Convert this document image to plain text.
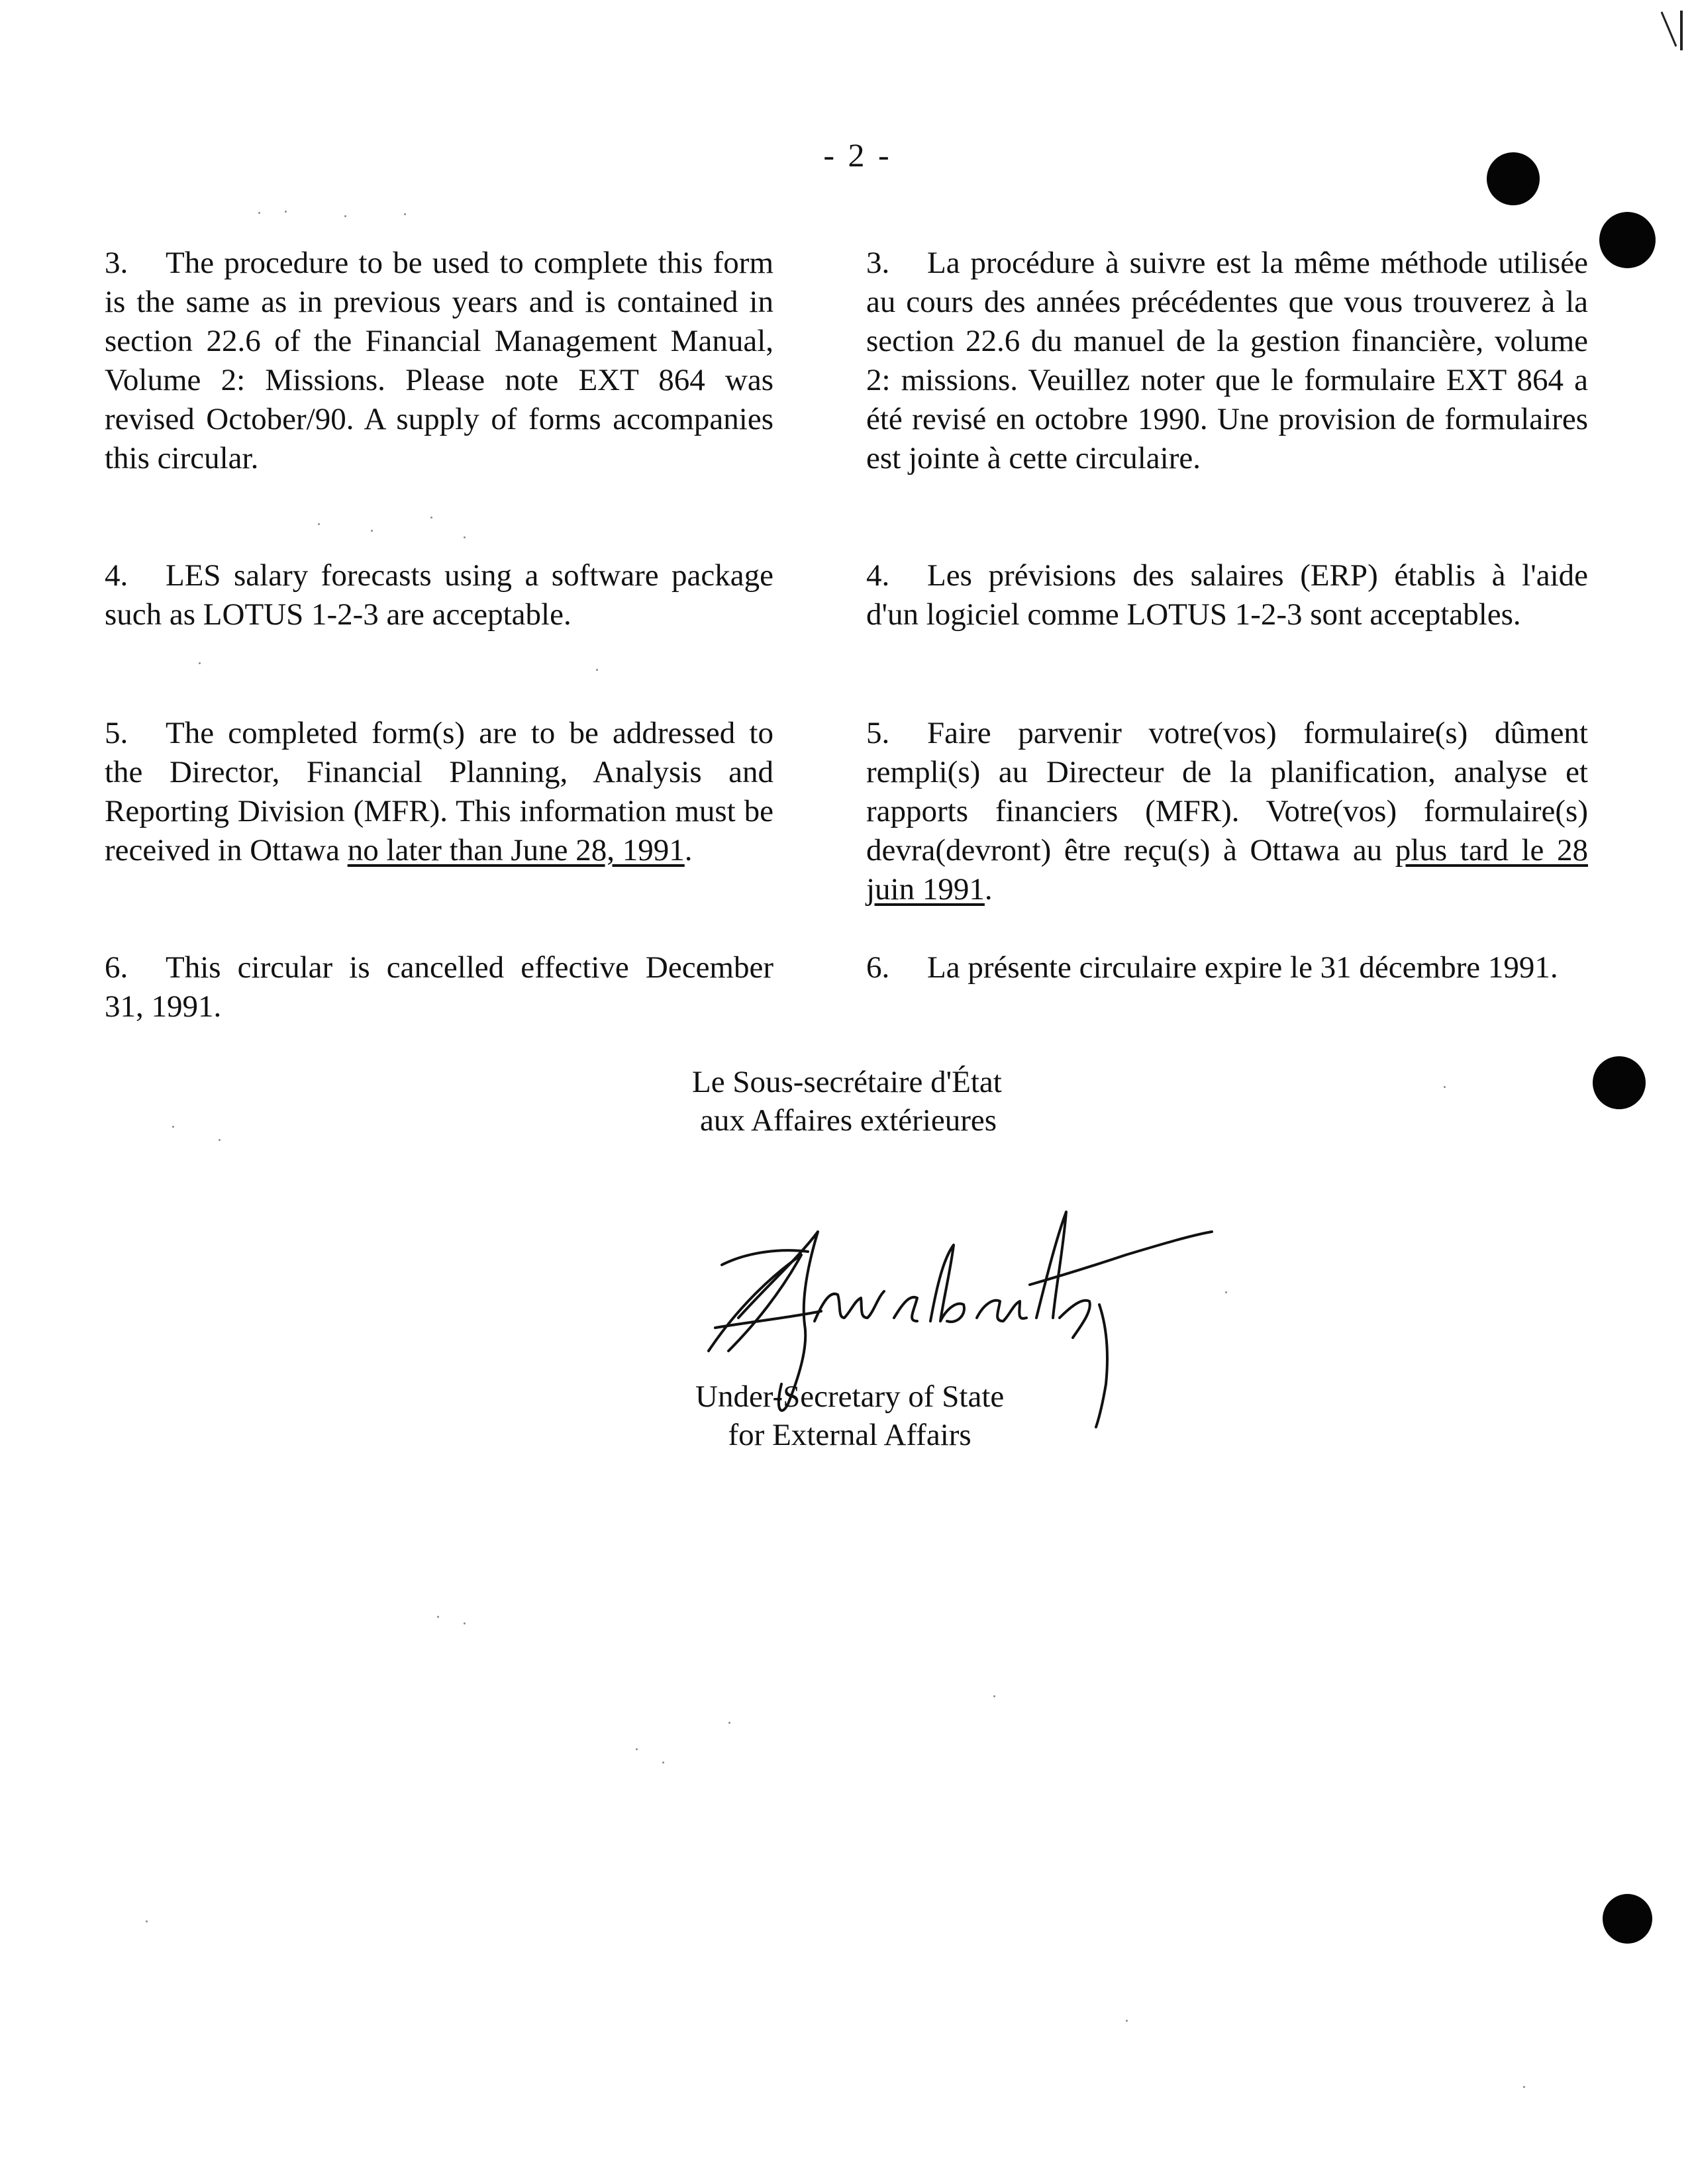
- 2 -

3. The procedure to be used to complete this form is the same as in previous years and is contained in section 22.6 of the Financial Management Manual, Volume 2: Missions. Please note EXT 864 was revised October/90. A supply of forms accompanies this circular.

4. LES salary forecasts using a software package such as LOTUS 1-2-3 are acceptable.

5. The completed form(s) are to be addressed to the Director, Financial Planning, Analysis and Reporting Division (MFR). This information must be received in Ottawa no later than June 28, 1991.

6. This circular is cancelled effective December 31, 1991.

3. La procédure à suivre est la même méthode utilisée au cours des années précédentes que vous trouverez à la section 22.6 du manuel de la gestion financière, volume 2: missions. Veuillez noter que le formulaire EXT 864 a été revisé en octobre 1990. Une provision de formulaires est jointe à cette circulaire.

4. Les prévisions des salaires (ERP) établis à l'aide d'un logiciel comme LOTUS 1-2-3 sont acceptables.

5. Faire parvenir votre(vos) formulaire(s) dûment rempli(s) au Directeur de la planification, analyse et rapports financiers (MFR). Votre(vos) formulaire(s) devra(devront) être reçu(s) à Ottawa au plus tard le 28 juin 1991.

6. La présente circulaire expire le 31 décembre 1991.

Le Sous-secrétaire d'État
aux Affaires extérieures
Under-Secretary of State
for External Affairs
